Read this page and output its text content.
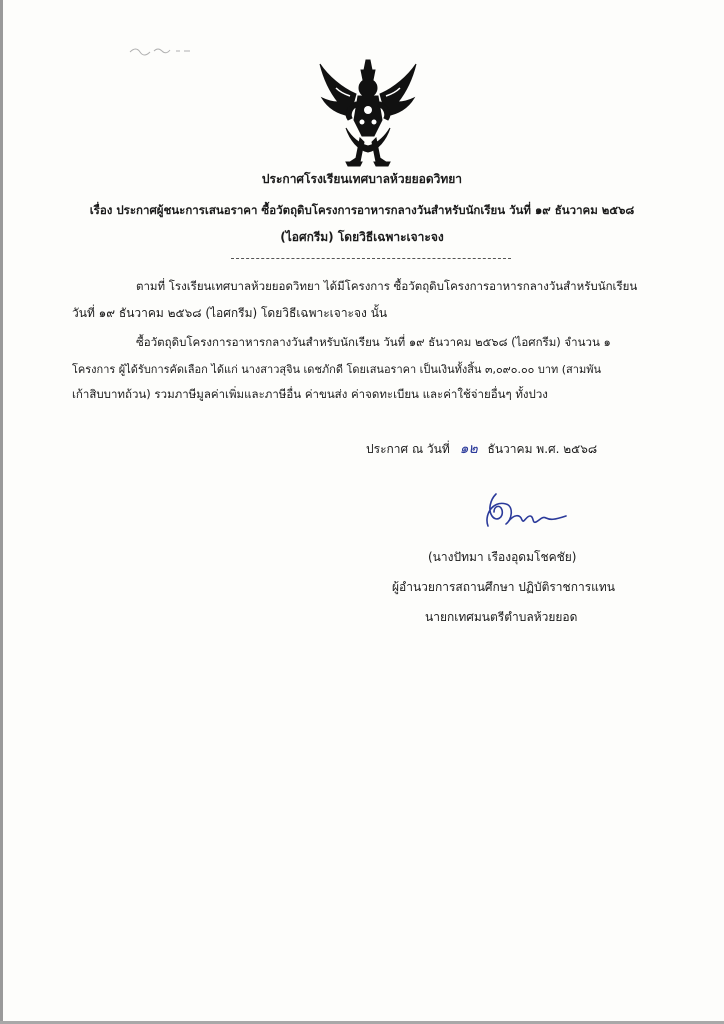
ประกาศโรงเรียนเทศบาลห้วยยอดวิทยา
เรื่อง ประกาศผู้ชนะการเสนอราคา ซื้อวัตถุดิบโครงการอาหารกลางวันสำหรับนักเรียน วันที่ ๑๙ ธันวาคม ๒๕๖๘
(ไอศกรีม) โดยวิธีเฉพาะเจาะจง
ตามที่ โรงเรียนเทศบาลห้วยยอดวิทยา ได้มีโครงการ ซื้อวัตถุดิบโครงการอาหารกลางวันสำหรับนักเรียน
วันที่ ๑๙ ธันวาคม ๒๕๖๘ (ไอศกรีม) โดยวิธีเฉพาะเจาะจง นั้น
ซื้อวัตถุดิบโครงการอาหารกลางวันสำหรับนักเรียน วันที่ ๑๙ ธันวาคม ๒๕๖๘ (ไอศกรีม) จำนวน ๑
โครงการ ผู้ได้รับการคัดเลือก ได้แก่ นางสาวสุจิน เดชภักดี โดยเสนอราคา เป็นเงินทั้งสิ้น ๓,๐๙๐.๐๐ บาท (สามพัน
เก้าสิบบาทถ้วน) รวมภาษีมูลค่าเพิ่มและภาษีอื่น ค่าขนส่ง ค่าจดทะเบียน และค่าใช้จ่ายอื่นๆ ทั้งปวง
ประกาศ ณ วันที่ ๑๒ ธันวาคม พ.ศ. ๒๕๖๘
(นางปัทมา เรืองอุดมโชคชัย)
ผู้อำนวยการสถานศึกษา ปฏิบัติราชการแทน
นายกเทศมนตรีตำบลห้วยยอด
